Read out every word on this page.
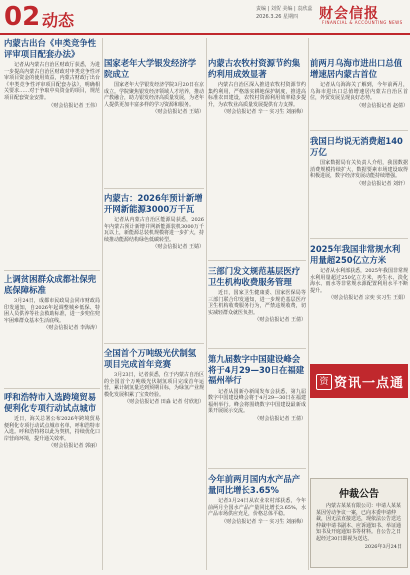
02 动态
责编 | 刘贺 美编 | 袁欣蕊
2026.3.26 星期四	财会信报
FINANCIAL & ACCOUNTING NEWS
内蒙古出台《申类竞争性评审项目配套办法》

记者从内蒙古自治区财政厅获悉，为进一步提高内蒙古自治区财政对申类竞争性评审项目资金的使用效益，内蒙古财政厅出台《申类竞争性评审项目配套办法》，明确相关要求……对于争取中央资金的项目，规范项目配套资金安排。

（财会信报记者 王伟）

上调贫困群众成都社保兜底保障标准

3月24日，成都市民政局会同市财政局印发通知，自2026年起调整城乡低保、特困人员供养等社会救助标准，进一步兜住兜牢困难群众基本生活底线。

（财会信报记者 李海涛）

呼和浩特市入选跨境贸易便利化专项行动试点城市

近日，海关总署公布2026年跨境贸易便利化专项行动试点城市名单，呼和浩特市入选。呼和浩特将以此为契机，持续优化口岸营商环境，提升通关效率。

（财会信报记者 郭丽）

国家老年大学银发经济学院成立

国家老年大学银发经济学院3月20日在京成立。学院聚焦银发经济领域人才培养，推动产教融合，助力银发经济高质量发展，为老年人提供更加丰富多样的学习资源和服务。

（财会信报记者 王婧）

内蒙古：2026年预计新增开网新能源3000万千瓦

记者从内蒙古自治区能源局获悉，2026年内蒙古预计新增并网新能源装机3000万千瓦以上，新能源总装机规模将进一步扩大，持续推动能源结构绿色低碳转型。

（财会信报记者 王婧）

全国首个万吨级光伏制氢项目完成首年竞赛

3月23日，记者获悉，位于内蒙古自治区的全国首个万吨级光伏制氢项目完成首年运营，累计制氢量达到预期目标，为绿氢产业规模化发展积累了宝贵经验。

（财会信报记者 田淼 记者 付欣旭）

内蒙古农牧村资源节约集约利用成效显著

内蒙古自治区深入推进农牧村资源节约集约利用，严格落实耕地保护制度，推进高标准农田建设，农牧村资源利用效率稳步提升，为农牧业高质量发展提供有力支撑。

（财会信报记者 辛一 实习生 刘丽梅）

三部门发文规范基层医疗卫生机构收费服务管理

近日，国家卫生健康委、国家医保局等三部门联合印发通知，进一步规范基层医疗卫生机构收费服务行为，严禁违规收费，切实减轻群众就医负担。

（财会信报记者 王倩）

第九届数字中国建设峰会将于4月29—30日在福建福州举行

记者从国新办新闻发布会获悉，第九届数字中国建设峰会将于4月29—30日在福建福州举行。峰会将围绕数字中国建设最新成果开展展示交流。

（财会信报记者 王倩）

今年前两月国内水产品产量同比增长3.65%

记者3月24日从农业农村部获悉，今年前两月全国水产品产量同比增长3.65%，水产品市场供应充足，价格总体平稳。

（财会信报记者 辛一 实习生 刘丽梅）

前两月乌海市进出口总值增速居内蒙古首位

记者从乌海海关了解到，今年前两月，乌海市进出口总值增速居内蒙古自治区首位，外贸发展呈现良好态势。

（财会信报记者 赵倩）

我国日均说无消费超140万亿

国家数据局有关负责人介绍，我国数据消费规模持续扩大，数据要素市场建设取得积极进展，数字经济发展动能持续增强。

（财会信报记者 刘轩）

2025年我国非常规水利用量超250亿立方米

记者从水利部获悉，2025年我国非常规水利用量超过250亿立方米，再生水、淡化海水、雨水等非常规水源配置利用水平不断提升。

（财会信报记者 宗奕 实习生 王娟）

资 资讯一点通
仲裁公告

内蒙古某某有限公司：申请人某某某因劳动争议一案，已向本委申请仲裁，因无法直接送达，现依法公告送达仲裁申请书副本、应诉通知书、举证通知书及开庭通知书等材料。自公告之日起经过30日即视为送达。

2026年3月24日
